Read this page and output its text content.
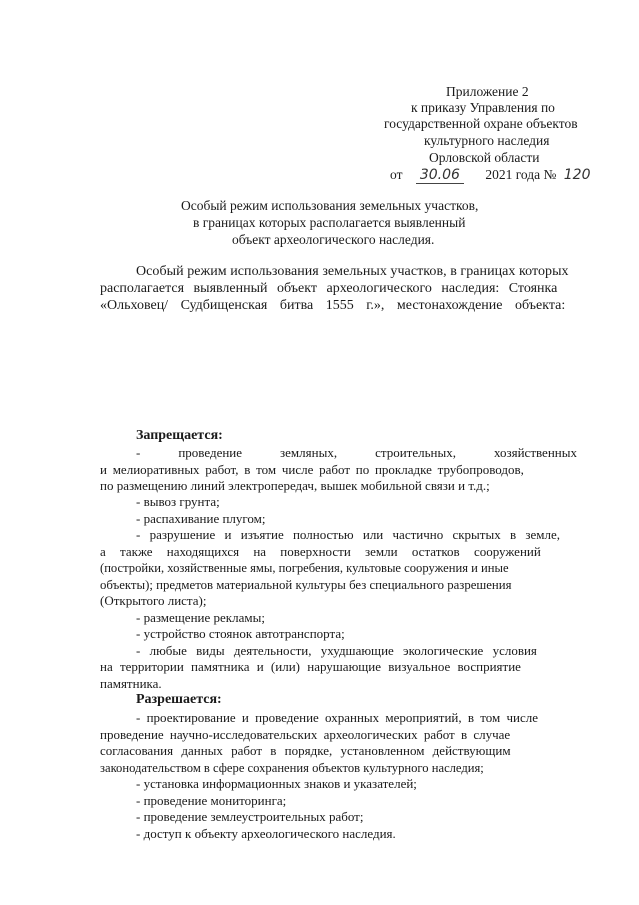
Приложение 2
к приказу Управления по
государственной охране объектов
культурного наследия
Орловской области
от 30.06 2021 года № 120
Особый режим использования земельных участков,
в границах которых располагается выявленный
объект археологического наследия.
Особый режим использования земельных участков, в границах которых
располагается выявленный объект археологического наследия: Стоянка
«Ольховец/ Судбищенская битва 1555 г.», местонахождение объекта:
Запрещается:
-	проведение	земляных,	строительных,	хозяйственных
и мелиоративных работ, в том числе работ по прокладке трубопроводов,
по размещению линий электропередач, вышек мобильной связи и т.д.;
- вывоз грунта;
- распахивание плугом;
- разрушение и изъятие полностью или частично скрытых в земле,
а также находящихся на поверхности земли остатков сооружений
(постройки, хозяйственные ямы, погребения, культовые сооружения и иные
объекты); предметов материальной культуры без специального разрешения
(Открытого листа);
- размещение рекламы;
- устройство стоянок автотранспорта;
- любые виды деятельности, ухудшающие экологические условия
на территории памятника и (или) нарушающие визуальное восприятие
памятника.
Разрешается:
- проектирование и проведение охранных мероприятий, в том числе
проведение научно-исследовательских археологических работ в случае
согласования данных работ в порядке, установленном действующим
законодательством в сфере сохранения объектов культурного наследия;
- установка информационных знаков и указателей;
- проведение мониторинга;
- проведение землеустроительных работ;
- доступ к объекту археологического наследия.
